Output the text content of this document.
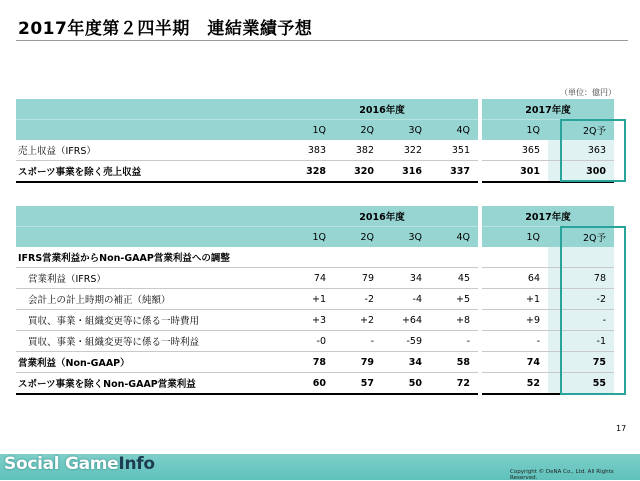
2017年度第２四半期　連結業績予想
（単位：億円）
	2016年度					2017年度	
	1Q	2Q	3Q	4Q		1Q	2Q予
売上収益（IFRS）	383	382	322	351		365	363
スポーツ事業を除く売上収益	328	320	316	337		301	300
	2016年度					2017年度	
	1Q	2Q	3Q	4Q		1Q	2Q予
IFRS営業利益からNon-GAAP営業利益への調整							
営業利益（IFRS）	74	79	34	45		64	78
会計上の計上時期の補正（純額）	+1	-2	-4	+5		+1	-2
買収、事業・組織変更等に係る一時費用	+3	+2	+64	+8		+9	-
買収、事業・組織変更等に係る一時利益	-0	-	-59	-		-	-1
営業利益（Non-GAAP）	78	79	34	58		74	75
スポーツ事業を除くNon-GAAP営業利益	60	57	50	72		52	55
17
Social GameInfo	Copyright © DeNA Co., Ltd. All Rights Reserved.
